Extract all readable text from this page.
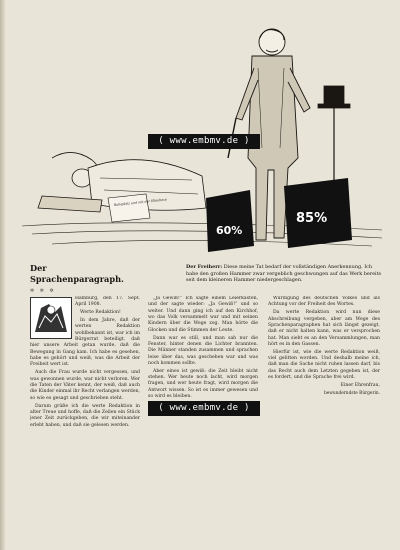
60%
85%
Ruheplatz und mit der Ellenhexe
( www.embmv.de )
Der Sprachenparagraph.
Der Freiherr: Diese meine Tat bedarf der vollständigen Anerkennung. Ich habe den großen Hammer zwar vergeblich geschwungen auf das Werk bereits seit dem kleineren Hammer niedergeschlagen.
✲ ✲ ✲

Hamburg, den 17. Sept. April 1908.

Werte Redaktion!

In dem Jahre, daß der werten Redaktion wohlbekannt ist, war ich im Bürgerrat beteiligt, daß hier unsere Arbeit getan wurde, daß die Bewegung in Gang kam. Ich habe es gesehen, habe es gehört und weiß, was die Arbeit der Freiheit wert ist.

Auch die Frau wurde nicht vergessen, und was gewonnen wurde, war nicht verloren. Wer die Taten der Väter kennt, der weiß, daß auch die Kinder einmal ihr Recht verlangen werden, so wie es gesagt und geschrieben steht.

Darum grüße ich die werte Redaktion in alter Treue und hoffe, daß die Zeilen ein Stück jener Zeit zurückgeben, die wir miteinander erlebt haben, und daß sie gelesen werden.

„Ja Gewiß!“ Ich sagte einem Leierkasten, und der sagte wieder: „Ja Gewiß!“ und so weiter. Und dann ging ich auf den Kirchhof, wo das Volk versammelt war und mit seinen Kindern über die Wege zog. Man hörte die Glocken und die Stimmen der Leute.

Dann war es still, und man sah nur die Fenster, hinter denen die Lichter brannten. Die Männer standen zusammen und sprachen leise über das, was geschehen war und was noch kommen sollte.

Aber eines ist gewiß: die Zeit bleibt nicht stehen. Wer heute noch lacht, wird morgen fragen, und wer heute fragt, wird morgen die Antwort wissen. So ist es immer gewesen und so wird es bleiben.

Würdigung des deutschen Volkes und als Achtung vor der Freiheit des Wortes.

Da werte Redaktion wird nun diese Abschreibung vergeben, aber am Wege des Sprachenparagraphen hat sich längst gezeigt, daß er nicht halten kann, was er versprochen hat. Man sieht es an den Versammlungen, man hört es in den Gassen.

Hierfür ist, wie die werte Redaktion weiß, viel gelitten worden. Und deshalb meine ich, daß man die Sache nicht ruhen lassen darf, bis das Recht auch dem Letzten gegeben ist, der es fordert, und die Sprache frei wird.

Einer Ehrenfrau,

bewunderndste Bürgerin.

( www.embmv.de )
